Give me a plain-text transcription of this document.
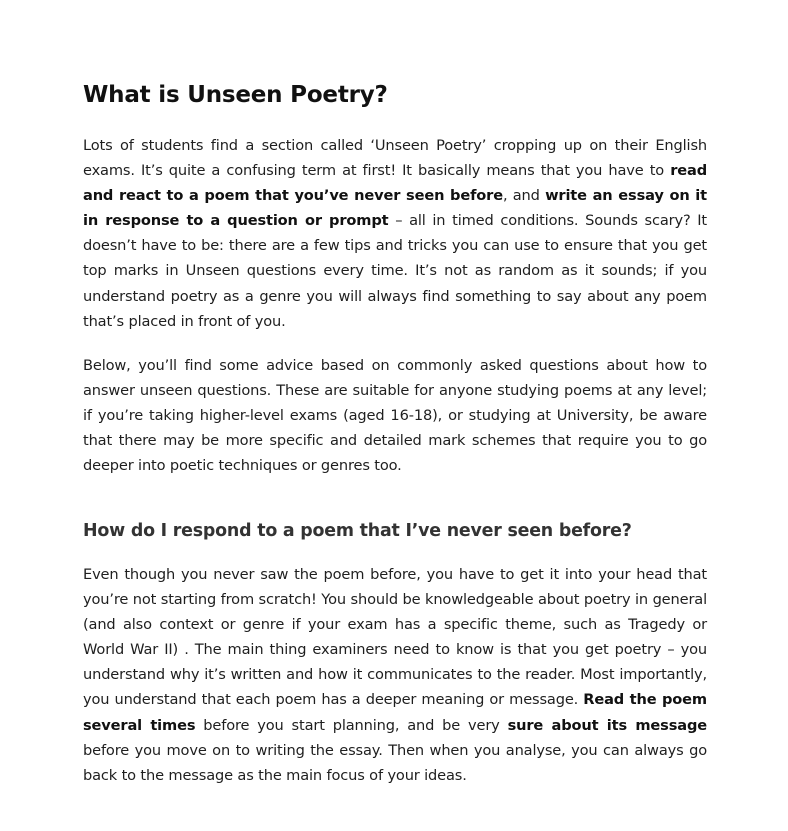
What is Unseen Poetry?

Lots of students find a section called ‘Unseen Poetry’ cropping up on their English exams. It’s quite a confusing term at first! It basically means that you have to read and react to a poem that you’ve never seen before, and write an essay on it in response to a question or prompt – all in timed conditions. Sounds scary? It doesn’t have to be: there are a few tips and tricks you can use to ensure that you get top marks in Unseen questions every time. It’s not as random as it sounds; if you understand poetry as a genre you will always find something to say about any poem that’s placed in front of you.

Below, you’ll find some advice based on commonly asked questions about how to answer unseen questions. These are suitable for anyone studying poems at any level; if you’re taking higher-level exams (aged 16-18), or studying at University, be aware that there may be more specific and detailed mark schemes that require you to go deeper into poetic techniques or genres too.

How do I respond to a poem that I’ve never seen before?

Even though you never saw the poem before, you have to get it into your head that you’re not starting from scratch! You should be knowledgeable about poetry in general (and also context or genre if your exam has a specific theme, such as Tragedy or World War II) . The main thing examiners need to know is that you get poetry – you understand why it’s written and how it communicates to the reader. Most importantly, you understand that each poem has a deeper meaning or message. Read the poem several times before you start planning, and be very sure about its message before you move on to writing the essay. Then when you analyse, you can always go back to the message as the main focus of your ideas.
